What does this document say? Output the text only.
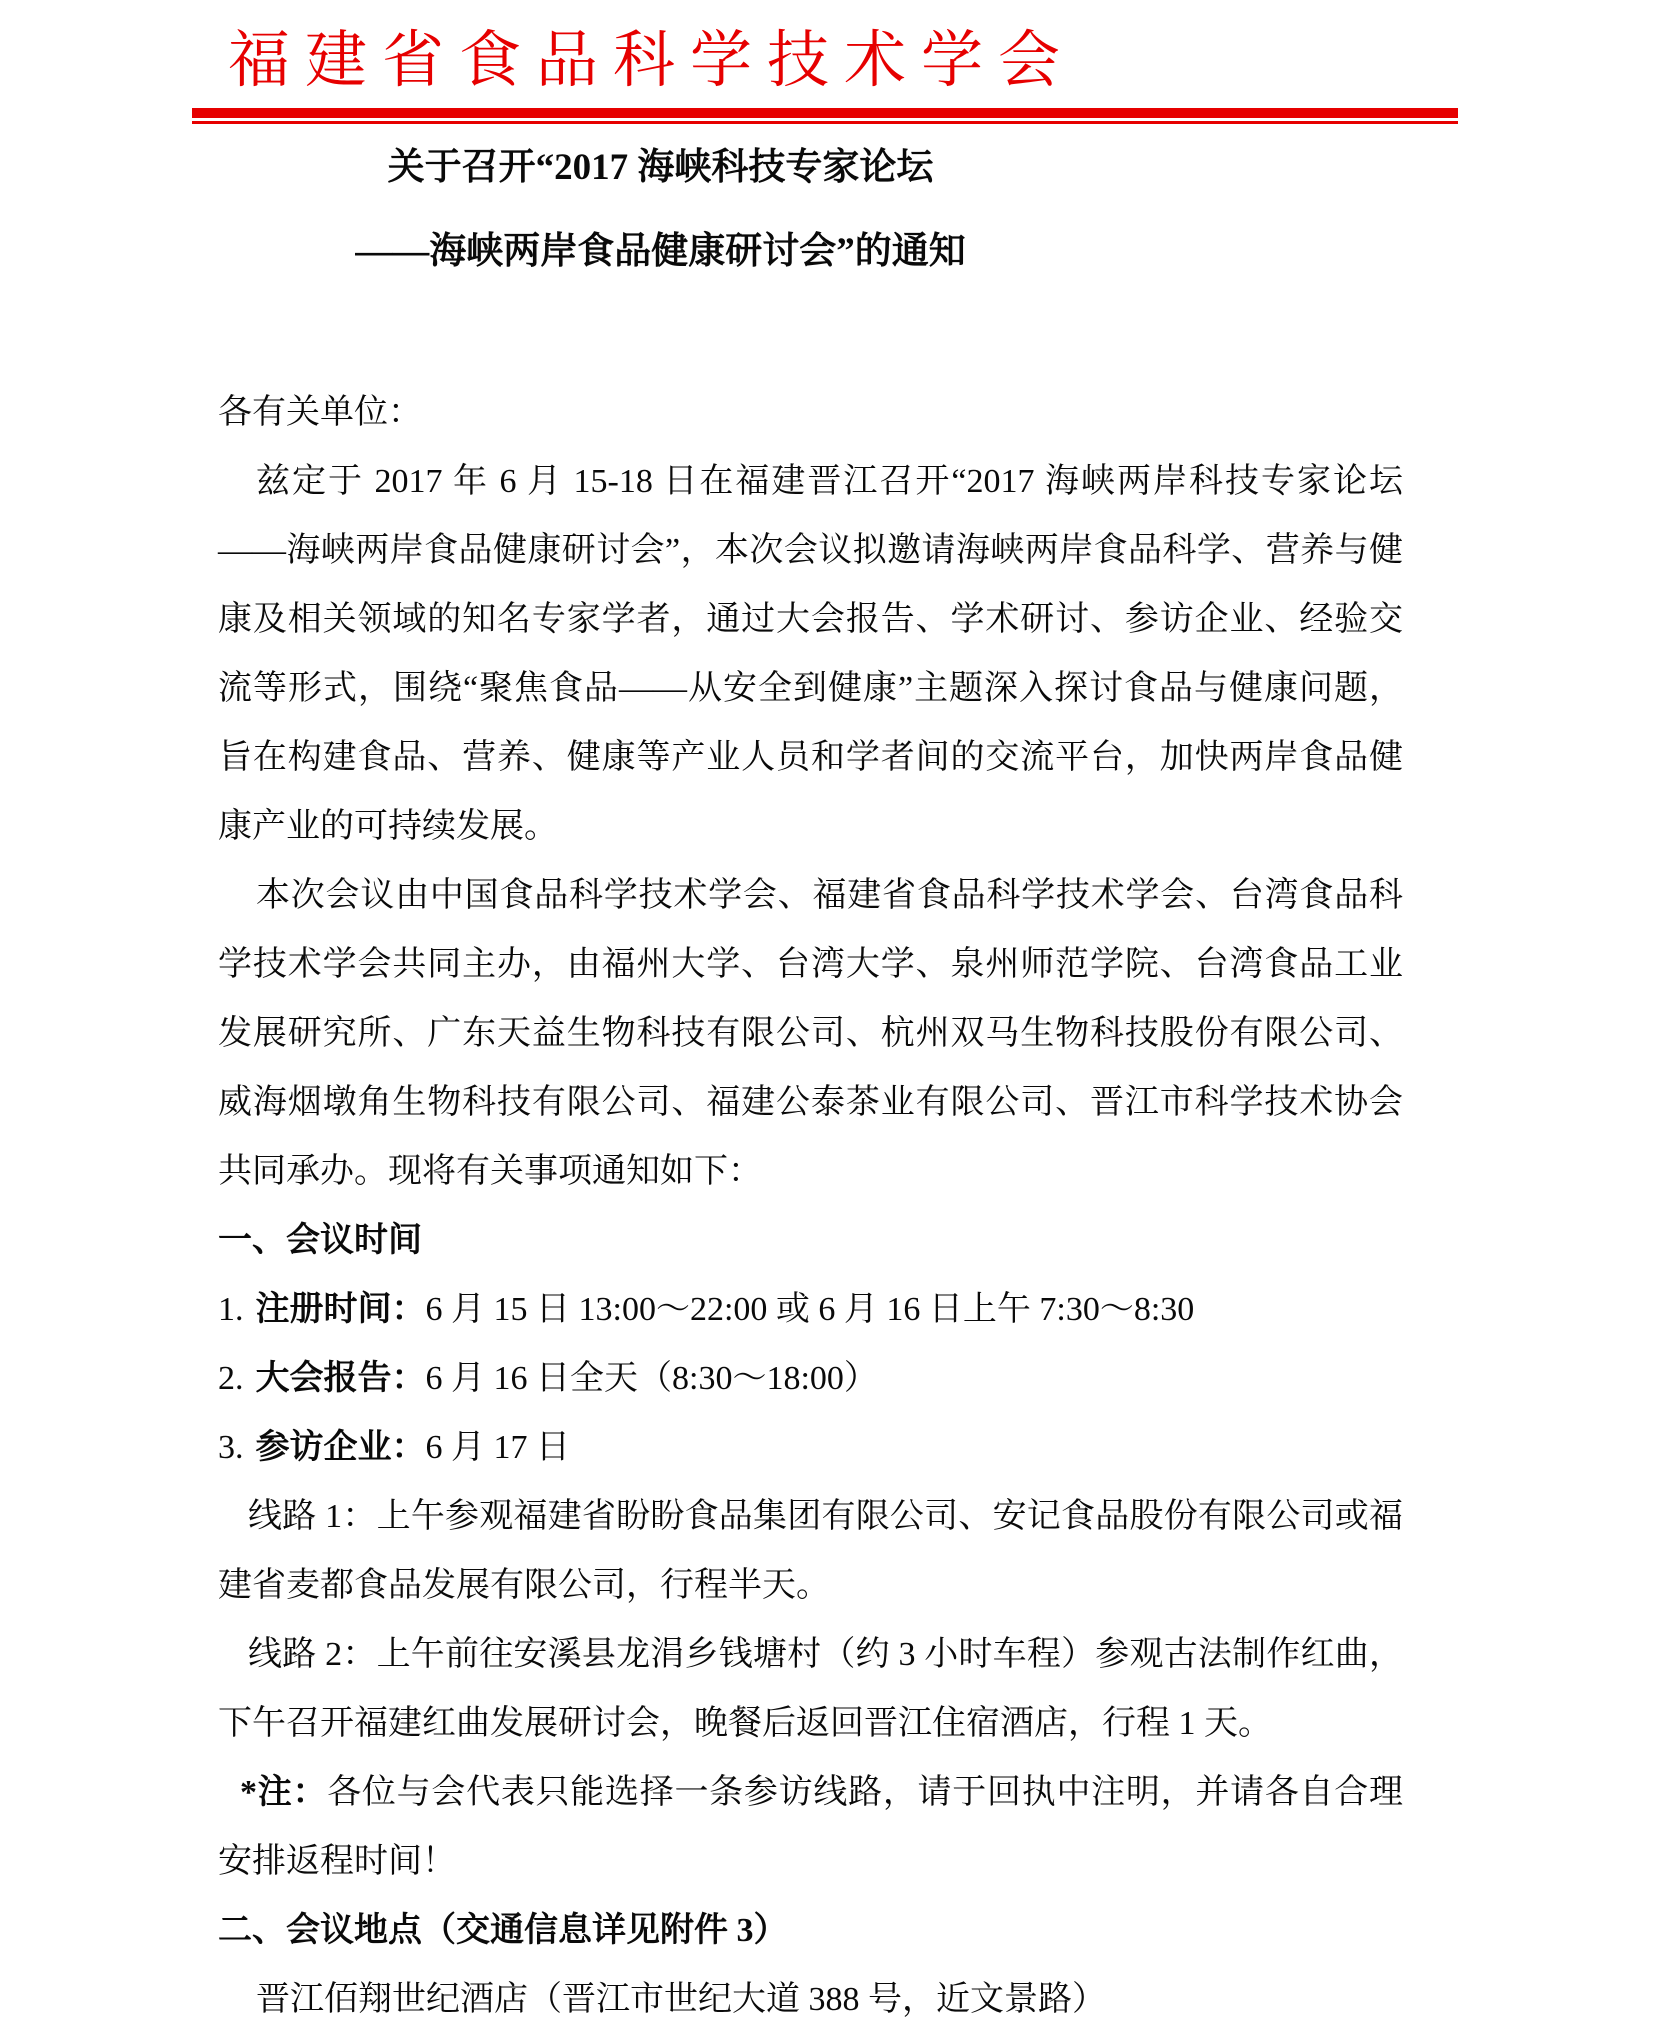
福建省食品科学技术学会
关于召开“2017 海峡科技专家论坛
——海峡两岸食品健康研讨会”的通知

各有关单位：

兹定于 2017 年 6 月 15-18 日在福建晋江召开“2017 海峡两岸科技专家论坛——海峡两岸食品健康研讨会”，本次会议拟邀请海峡两岸食品科学、营养与健康及相关领域的知名专家学者，通过大会报告、学术研讨、参访企业、经验交流等形式，围绕“聚焦食品——从安全到健康”主题深入探讨食品与健康问题，旨在构建食品、营养、健康等产业人员和学者间的交流平台，加快两岸食品健康产业的可持续发展。

本次会议由中国食品科学技术学会、福建省食品科学技术学会、台湾食品科学技术学会共同主办，由福州大学、台湾大学、泉州师范学院、台湾食品工业发展研究所、广东天益生物科技有限公司、杭州双马生物科技股份有限公司、威海烟墩角生物科技有限公司、福建公泰茶业有限公司、晋江市科学技术协会共同承办。现将有关事项通知如下：

一、会议时间

1. 注册时间：6 月 15 日 13:00～22:00 或 6 月 16 日上午 7:30～8:30

2. 大会报告：6 月 16 日全天（8:30～18:00）

3. 参访企业：6 月 17 日

线路 1：上午参观福建省盼盼食品集团有限公司、安记食品股份有限公司或福建省麦都食品发展有限公司，行程半天。

线路 2：上午前往安溪县龙涓乡钱塘村（约 3 小时车程）参观古法制作红曲，下午召开福建红曲发展研讨会，晚餐后返回晋江住宿酒店，行程 1 天。

*注：各位与会代表只能选择一条参访线路，请于回执中注明，并请各自合理安排返程时间！

二、会议地点（交通信息详见附件 3）

晋江佰翔世纪酒店（晋江市世纪大道 388 号，近文景路）
